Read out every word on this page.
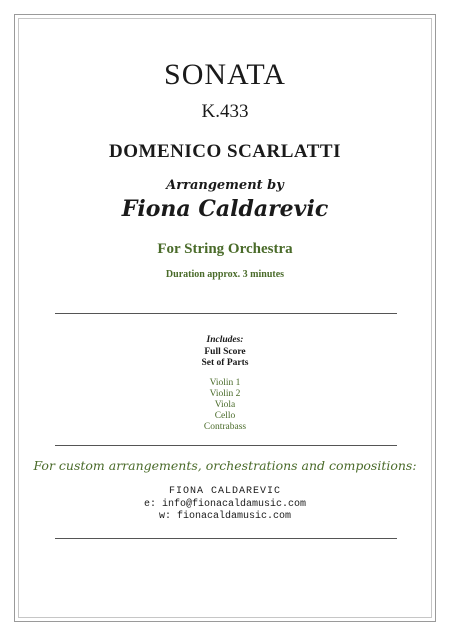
SONATA
K.433
DOMENICO SCARLATTI
Arrangement by
Fiona Caldarevic
For String Orchestra
Duration approx. 3 minutes
Includes:
Full Score
Set of Parts
Violin 1
Violin 2
Viola
Cello
Contrabass
For custom arrangements, orchestrations and compositions:
FIONA CALDAREVIC
e: info@fionacaldamusic.com
w: fionacaldamusic.com
